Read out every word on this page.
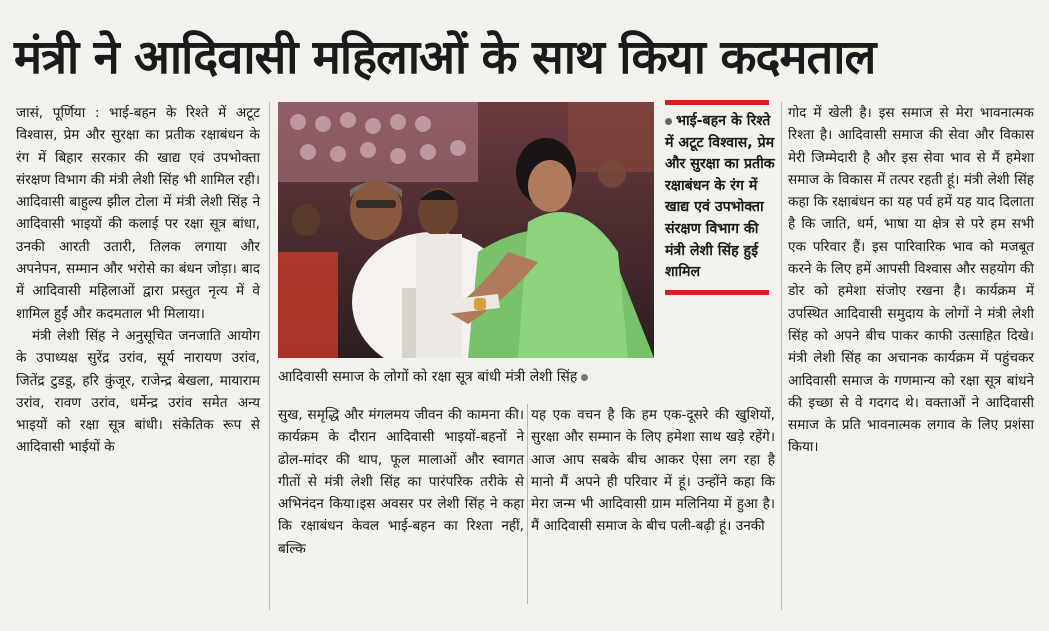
मंत्री ने आदिवासी महिलाओं के साथ किया कदमताल

जासं, पूर्णिया : भाई-बहन के रिश्ते में अटूट विश्वास, प्रेम और सुरक्षा का प्रतीक रक्षाबंधन के रंग में बिहार सरकार की खाद्य एवं उपभोक्ता संरक्षण विभाग की मंत्री लेशी सिंह भी शामिल रही। आदिवासी बाहुल्य झील टोला में मंत्री लेशी सिंह ने आदिवासी भाइयों की कलाई पर रक्षा सूत्र बांधा, उनकी आरती उतारी, तिलक लगाया और अपनेपन, सम्मान और भरोसे का बंधन जोड़ा। बाद में आदिवासी महिलाओं द्वारा प्रस्तुत नृत्य में वे शामिल हुईं और कदमताल भी मिलाया।

मंत्री लेशी सिंह ने अनुसूचित जनजाति आयोग के उपाध्यक्ष सुरेंद्र उरांव, सूर्य नारायण उरांव, जितेंद्र टुडडू, हरि कुंजूर, राजेन्द्र बेखला, मायाराम उरांव, रावण उरांव, धर्मेन्द्र उरांव समेत अन्य भाइयों को रक्षा सूत्र बांधी। संकेतिक रूप से आदिवासी भाईयों के

आदिवासी समाज के लोगों को रक्षा सूत्र बांधी मंत्री लेशी सिंह
भाई-बहन के रिश्ते में अटूट विश्वास, प्रेम और सुरक्षा का प्रतीक रक्षाबंधन के रंग में खाद्य एवं उपभोक्ता संरक्षण विभाग की मंत्री लेशी सिंह हुई शामिल

सुख, समृद्धि और मंगलमय जीवन की कामना की। कार्यक्रम के दौरान आदिवासी भाइयों-बहनों ने ढोल-मांदर की थाप, फूल मालाओं और स्वागत गीतों से मंत्री लेशी सिंह का पारंपरिक तरीके से अभिनंदन किया।इस अवसर पर लेशी सिंह ने कहा कि रक्षाबंधन केवल भाई-बहन का रिश्ता नहीं, बल्कि

यह एक वचन है कि हम एक-दूसरे की खुशियों, सुरक्षा और सम्मान के लिए हमेशा साथ खड़े रहेंगे। आज आप सबके बीच आकर ऐसा लग रहा है मानो मैं अपने ही परिवार में हूं। उन्होंने कहा कि मेरा जन्म भी आदिवासी ग्राम मलिनिया में हुआ है। मैं आदिवासी समाज के बीच पली-बढ़ी हूं। उनकी

गोद में खेली है। इस समाज से मेरा भावनात्मक रिश्ता है। आदिवासी समाज की सेवा और विकास मेरी जिम्मेदारी है और इस सेवा भाव से मैं हमेशा समाज के विकास में तत्पर रहती हूं। मंत्री लेशी सिंह कहा कि रक्षाबंधन का यह पर्व हमें यह याद दिलाता है कि जाति, धर्म, भाषा या क्षेत्र से परे हम सभी एक परिवार हैं। इस पारिवारिक भाव को मजबूत करने के लिए हमें आपसी विश्वास और सहयोग की डोर को हमेशा संजोए रखना है। कार्यक्रम में उपस्थित आदिवासी समुदाय के लोगों ने मंत्री लेशी सिंह को अपने बीच पाकर काफी उत्साहित दिखे। मंत्री लेशी सिंह का अचानक कार्यक्रम में पहुंचकर आदिवासी समाज के गणमान्य को रक्षा सूत्र बांधने की इच्छा से वे गदगद थे। वक्ताओं ने आदिवासी समाज के प्रति भावनात्मक लगाव के लिए प्रशंसा किया।
